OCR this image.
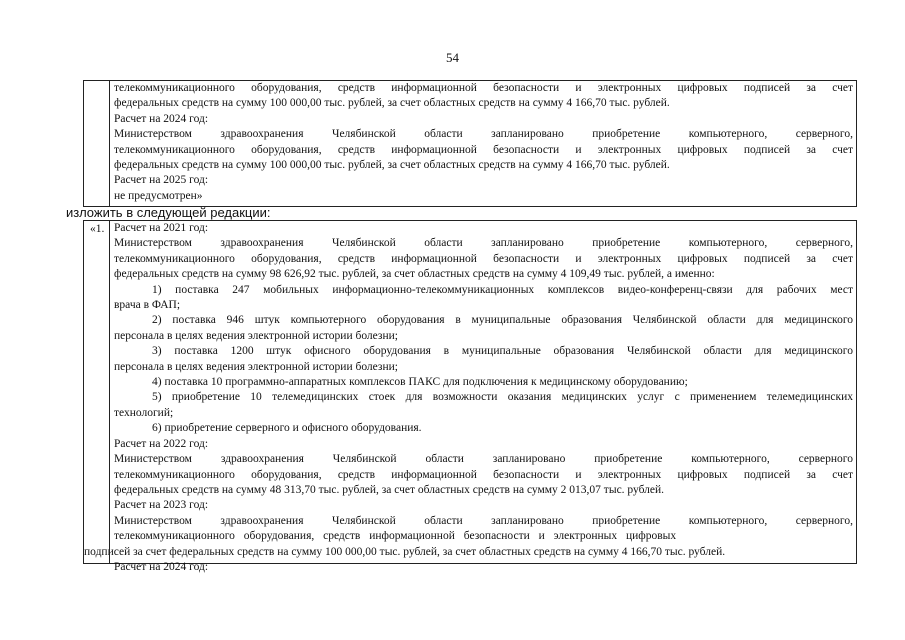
54
телекоммуникационного оборудования, средств информационной безопасности и электронных цифровых подписей за счет
федеральных средств на сумму 100 000,00 тыс. рублей, за счет областных средств на сумму 4 166,70 тыс. рублей.
Расчет на 2024 год:
Министерством здравоохранения Челябинской области запланировано приобретение компьютерного, серверного,
телекоммуникационного оборудования, средств информационной безопасности и электронных цифровых подписей за счет
федеральных средств на сумму 100 000,00 тыс. рублей, за счет областных средств на сумму 4 166,70 тыс. рублей.
Расчет на 2025 год:
не предусмотрен»
изложить в следующей редакции:
«1. Расчет на 2021 год:
Министерством здравоохранения Челябинской области запланировано приобретение компьютерного, серверного,
телекоммуникационного оборудования, средств информационной безопасности и электронных цифровых подписей за счет
федеральных средств на сумму 98 626,92 тыс. рублей, за счет областных средств на сумму 4 109,49 тыс. рублей, а именно:
1) поставка 247 мобильных информационно-телекоммуникационных комплексов видео-конференц-связи для рабочих мест
врача в ФАП;
2) поставка 946 штук компьютерного оборудования в муниципальные образования Челябинской области для медицинского
персонала в целях ведения электронной истории болезни;
3) поставка 1200 штук офисного оборудования в муниципальные образования Челябинской области для медицинского
персонала в целях ведения электронной истории болезни;
4) поставка 10 программно-аппаратных комплексов ПАКС для подключения к медицинскому оборудованию;
5) приобретение 10 телемедицинских стоек для возможности оказания медицинских услуг с применением телемедицинских
технологий;
6) приобретение серверного и офисного оборудования.
Расчет на 2022 год:
Министерством здравоохранения Челябинской области запланировано приобретение компьютерного, серверного
телекоммуникационного оборудования, средств информационной безопасности и электронных цифровых подписей за счет
федеральных средств на сумму 48 313,70 тыс. рублей, за счет областных средств на сумму 2 013,07 тыс. рублей.
Расчет на 2023 год:
Министерством здравоохранения Челябинской области запланировано приобретение компьютерного, серверного,
телекоммуникационного оборудования, средств информационной безопасности и электронных цифровых
подписей за счет федеральных средств на сумму 100 000,00 тыс. рублей, за счет областных средств на сумму 4 166,70 тыс. рублей.
Расчет на 2024 год:
